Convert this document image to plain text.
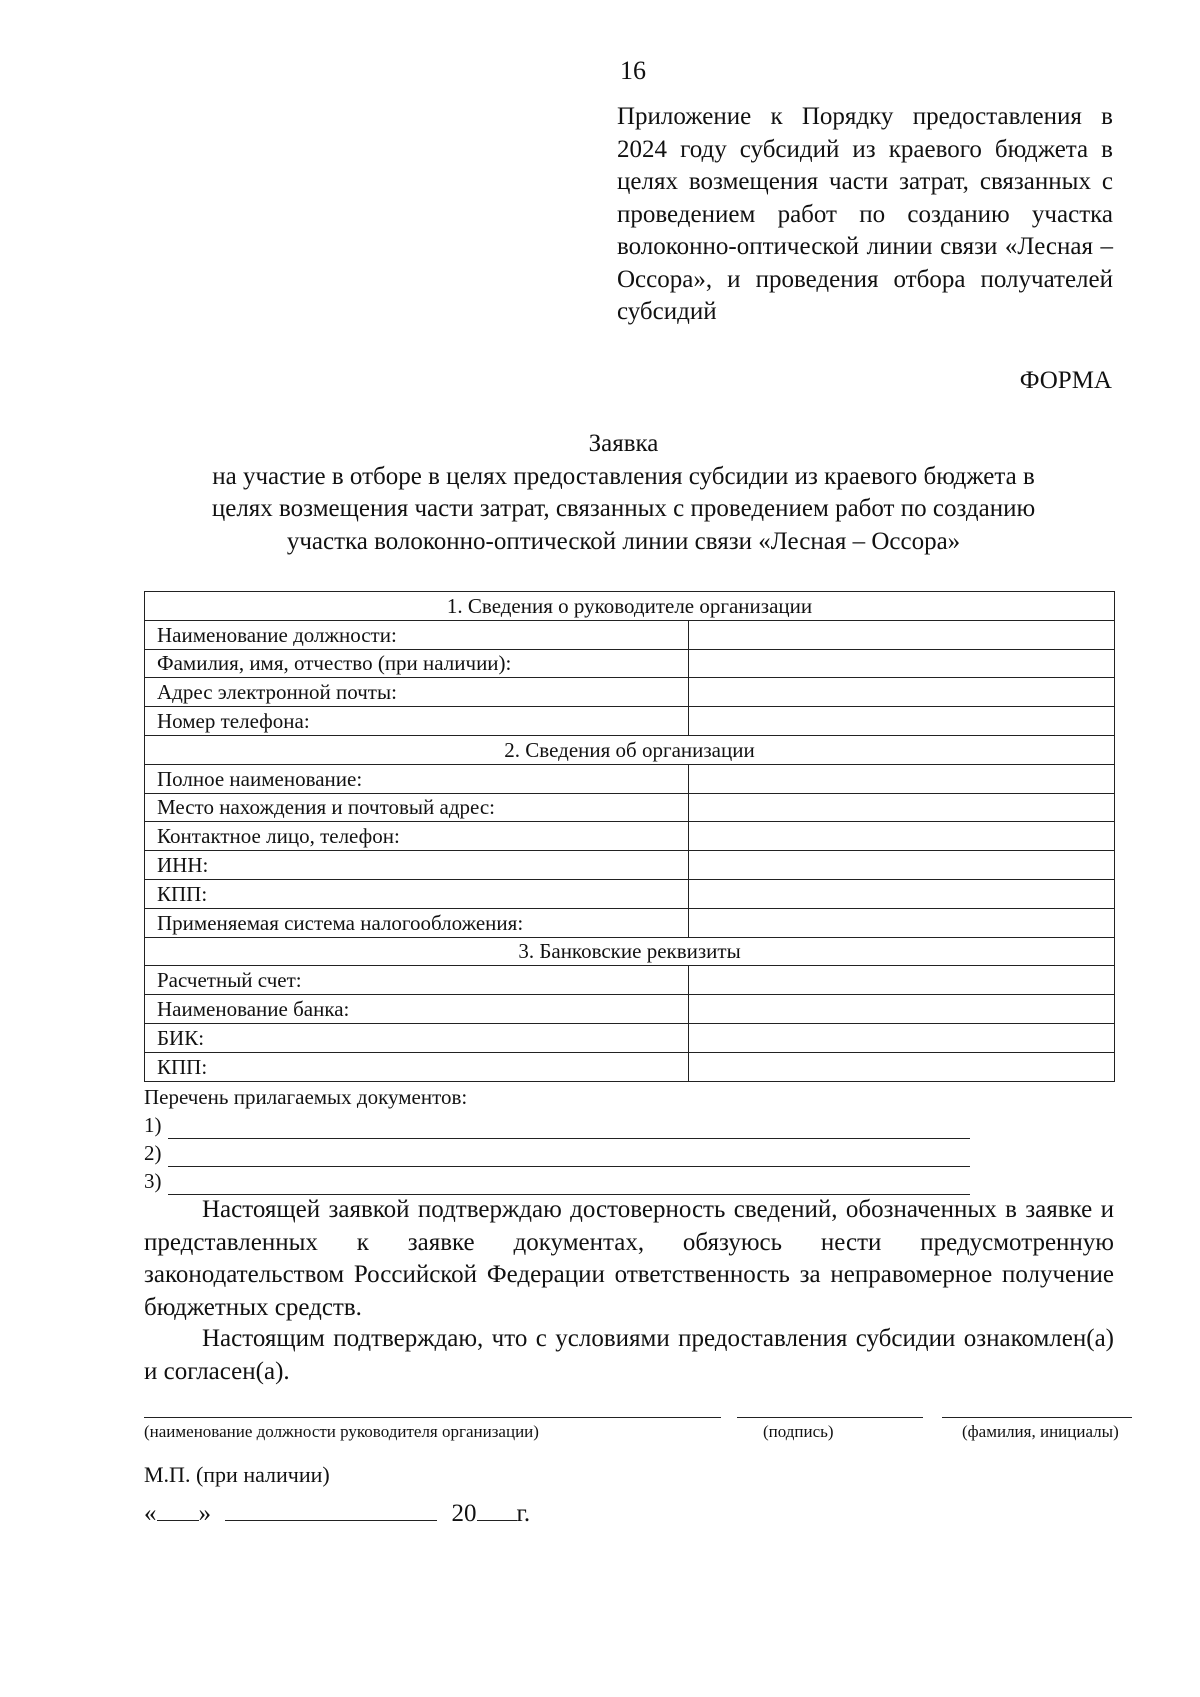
16
Приложение к Порядку предоставления в 2024 году субсидий из краевого бюджета в целях возмещения части затрат, связанных с проведением работ по созданию участка волоконно-оптической линии связи «Лесная – Оссора», и проведения отбора получателей субсидий
ФОРМА
Заявка
на участие в отборе в целях предоставления субсидии из краевого бюджета в
целях возмещения части затрат, связанных с проведением работ по созданию
участка волоконно-оптической линии связи «Лесная – Оссора»
1. Сведения о руководителе организации	
Наименование должности:	
Фамилия, имя, отчество (при наличии):	
Адрес электронной почты:	
Номер телефона:	
2. Сведения об организации	
Полное наименование:	
Место нахождения и почтовый адрес:	
Контактное лицо, телефон:	
ИНН:	
КПП:	
Применяемая система налогообложения:	
3. Банковские реквизиты	
Расчетный счет:	
Наименование банка:	
БИК:	
КПП:	
Перечень прилагаемых документов:
1)
2)
3)

Настоящей заявкой подтверждаю достоверность сведений, обозначенных в заявке и представленных к заявке документах, обязуюсь нести предусмотренную законодательством Российской Федерации ответственность за неправомерное получение бюджетных средств.

Настоящим подтверждаю, что с условиями предоставления субсидии ознакомлен(а) и согласен(а).

(наименование должности руководителя организации)	(подпись)	(фамилия, инициалы)
М.П. (при наличии)
« »	20 г.
